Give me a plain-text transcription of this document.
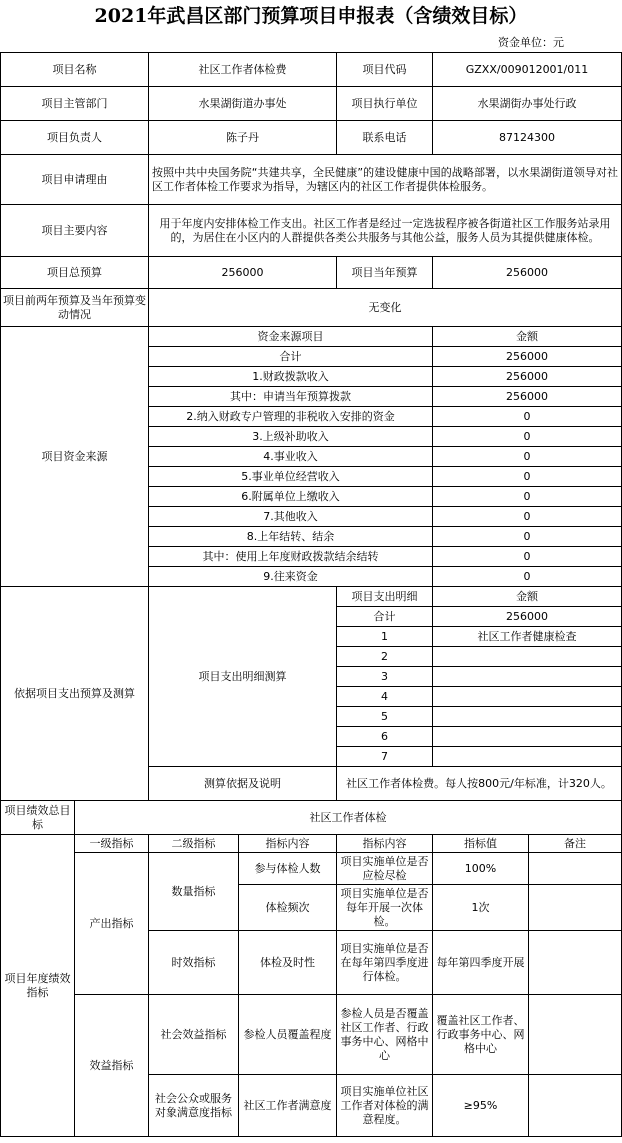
2021年武昌区部门预算项目申报表（含绩效目标）
资金单位：元
项目名称		社区工作者体检费		项目代码	GZXX/009012001/011	
项目主管部门		水果湖街道办事处		项目执行单位	水果湖街办事处行政	
项目负责人		陈子丹		联系电话	87124300	
项目申请理由		按照中共中央国务院“共建共享，全民健康”的建设健康中国的战略部署，以水果湖街道领导对社区工作者体检工作要求为指导，为辖区内的社区工作者提供体检服务。				
项目主要内容		用于年度内安排体检工作支出。社区工作者是经过一定选拔程序被各街道社区工作服务站录用的，为居住在小区内的人群提供各类公共服务与其他公益，服务人员为其提供健康体检。				
项目总预算		256000		项目当年预算	256000	
项目前两年预算及当年预算变动情况		无变化				
项目资金来源		资金来源项目			金额	
		合计			256000	
		1.财政拨款收入			256000	
		其中：申请当年预算拨款			256000	
		2.纳入财政专户管理的非税收入安排的资金			0	
		3.上级补助收入			0	
		4.事业收入			0	
		5.事业单位经营收入			0	
		6.附属单位上缴收入			0	
		7.其他收入			0	
		8.上年结转、结余			0	
		其中：使用上年度财政拨款结余结转			0	
		9.往来资金			0	
依据项目支出预算及测算		项目支出明细测算		项目支出明细	金额	
				合计	256000	
				1	社区工作者健康检查	
				2		
				3		
				4		
				5		
				6		
				7		
		测算依据及说明		社区工作者体检费。每人按800元/年标准，计320人。		
项目绩效总目标	社区工作者体检					
项目年度绩效指标	一级指标	二级指标	指标内容	指标内容	指标值	备注
	产出指标	数量指标	参与体检人数	项目实施单位是否应检尽检	100%	
			体检频次	项目实施单位是否每年开展一次体检。	1次	
		时效指标	体检及时性	项目实施单位是否在每年第四季度进行体检。	每年第四季度开展	
	效益指标	社会效益指标	参检人员覆盖程度	参检人员是否覆盖社区工作者、行政事务中心、网格中心	覆盖社区工作者、行政事务中心、网格中心	
		社会公众或服务对象满意度指标	社区工作者满意度	项目实施单位社区工作者对体检的满意程度。	≥95%	
